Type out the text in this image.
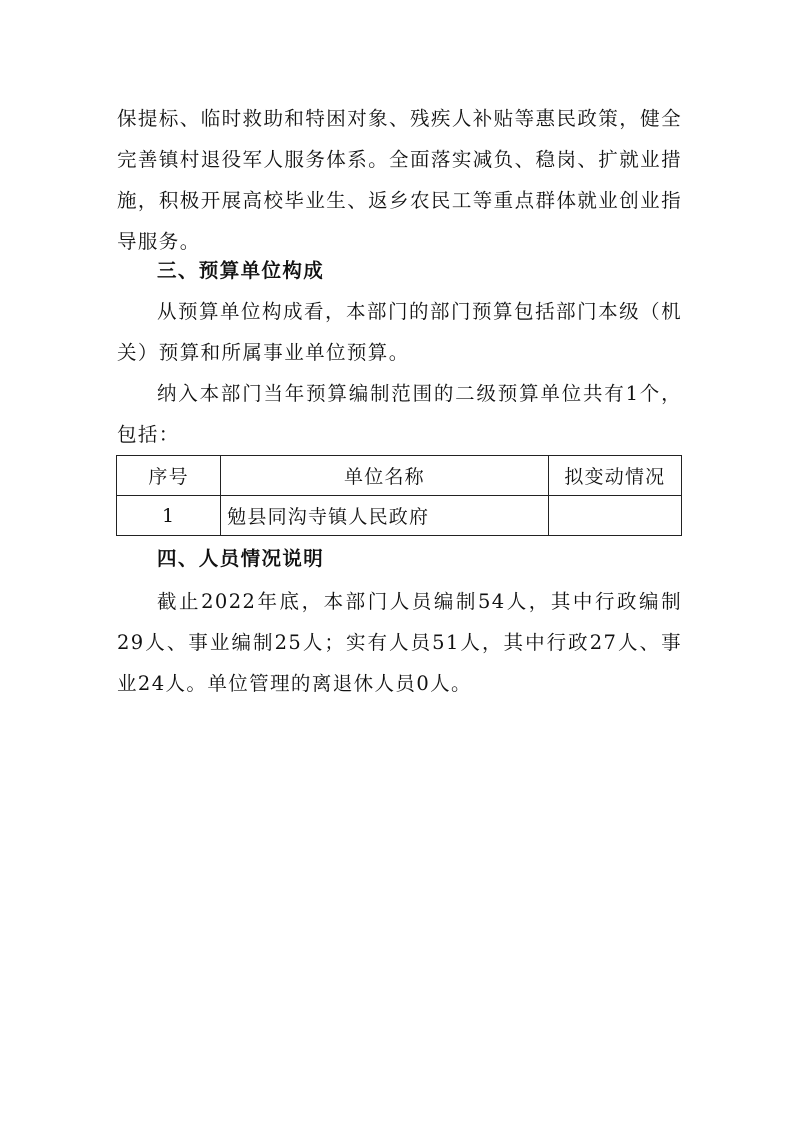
保提标、临时救助和特困对象、残疾人补贴等惠民政策，健全完善镇村退役军人服务体系。全面落实减负、稳岗、扩就业措施，积极开展高校毕业生、返乡农民工等重点群体就业创业指导服务。

三、预算单位构成

从预算单位构成看，本部门的部门预算包括部门本级（机关）预算和所属事业单位预算。

纳入本部门当年预算编制范围的二级预算单位共有1个，包括：

序号	单位名称	拟变动情况
1	勉县同沟寺镇人民政府	
四、人员情况说明

截止2022年底，本部门人员编制54人，其中行政编制29人、事业编制25人；实有人员51人，其中行政27人、事业24人。单位管理的离退休人员0人。
